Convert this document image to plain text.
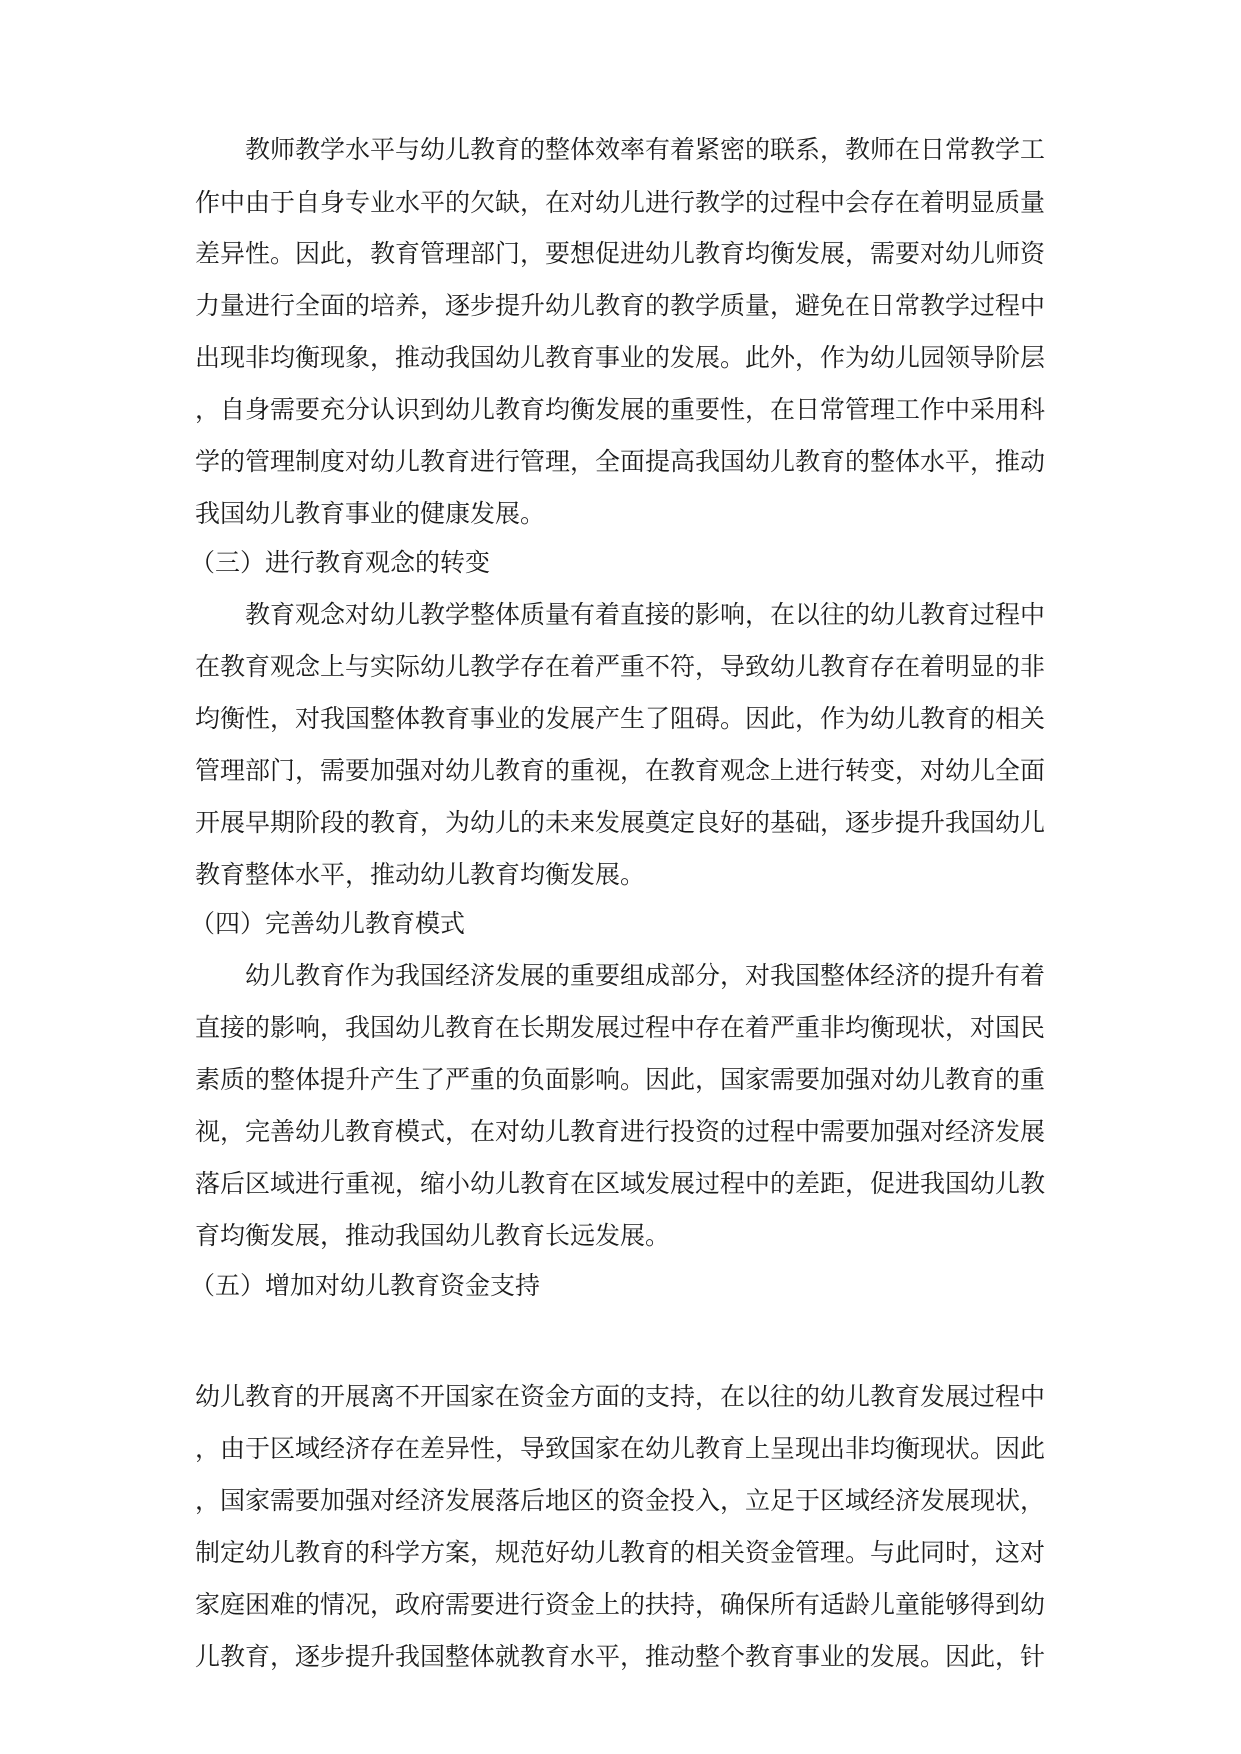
教师教学水平与幼儿教育的整体效率有着紧密的联系，教师在日常教学工
作中由于自身专业水平的欠缺，在对幼儿进行教学的过程中会存在着明显质量
差异性。因此，教育管理部门，要想促进幼儿教育均衡发展，需要对幼儿师资
力量进行全面的培养，逐步提升幼儿教育的教学质量，避免在日常教学过程中
出现非均衡现象，推动我国幼儿教育事业的发展。此外，作为幼儿园领导阶层
，自身需要充分认识到幼儿教育均衡发展的重要性，在日常管理工作中采用科
学的管理制度对幼儿教育进行管理，全面提高我国幼儿教育的整体水平，推动
我国幼儿教育事业的健康发展。
（三）进行教育观念的转变
教育观念对幼儿教学整体质量有着直接的影响，在以往的幼儿教育过程中
在教育观念上与实际幼儿教学存在着严重不符，导致幼儿教育存在着明显的非
均衡性，对我国整体教育事业的发展产生了阻碍。因此，作为幼儿教育的相关
管理部门，需要加强对幼儿教育的重视，在教育观念上进行转变，对幼儿全面
开展早期阶段的教育，为幼儿的未来发展奠定良好的基础，逐步提升我国幼儿
教育整体水平，推动幼儿教育均衡发展。
（四）完善幼儿教育模式
幼儿教育作为我国经济发展的重要组成部分，对我国整体经济的提升有着
直接的影响，我国幼儿教育在长期发展过程中存在着严重非均衡现状，对国民
素质的整体提升产生了严重的负面影响。因此，国家需要加强对幼儿教育的重
视，完善幼儿教育模式，在对幼儿教育进行投资的过程中需要加强对经济发展
落后区域进行重视，缩小幼儿教育在区域发展过程中的差距，促进我国幼儿教
育均衡发展，推动我国幼儿教育长远发展。
（五）增加对幼儿教育资金支持
幼儿教育的开展离不开国家在资金方面的支持，在以往的幼儿教育发展过程中
，由于区域经济存在差异性，导致国家在幼儿教育上呈现出非均衡现状。因此
，国家需要加强对经济发展落后地区的资金投入，立足于区域经济发展现状，
制定幼儿教育的科学方案，规范好幼儿教育的相关资金管理。与此同时，这对
家庭困难的情况，政府需要进行资金上的扶持，确保所有适龄儿童能够得到幼
儿教育，逐步提升我国整体就教育水平，推动整个教育事业的发展。因此，针
